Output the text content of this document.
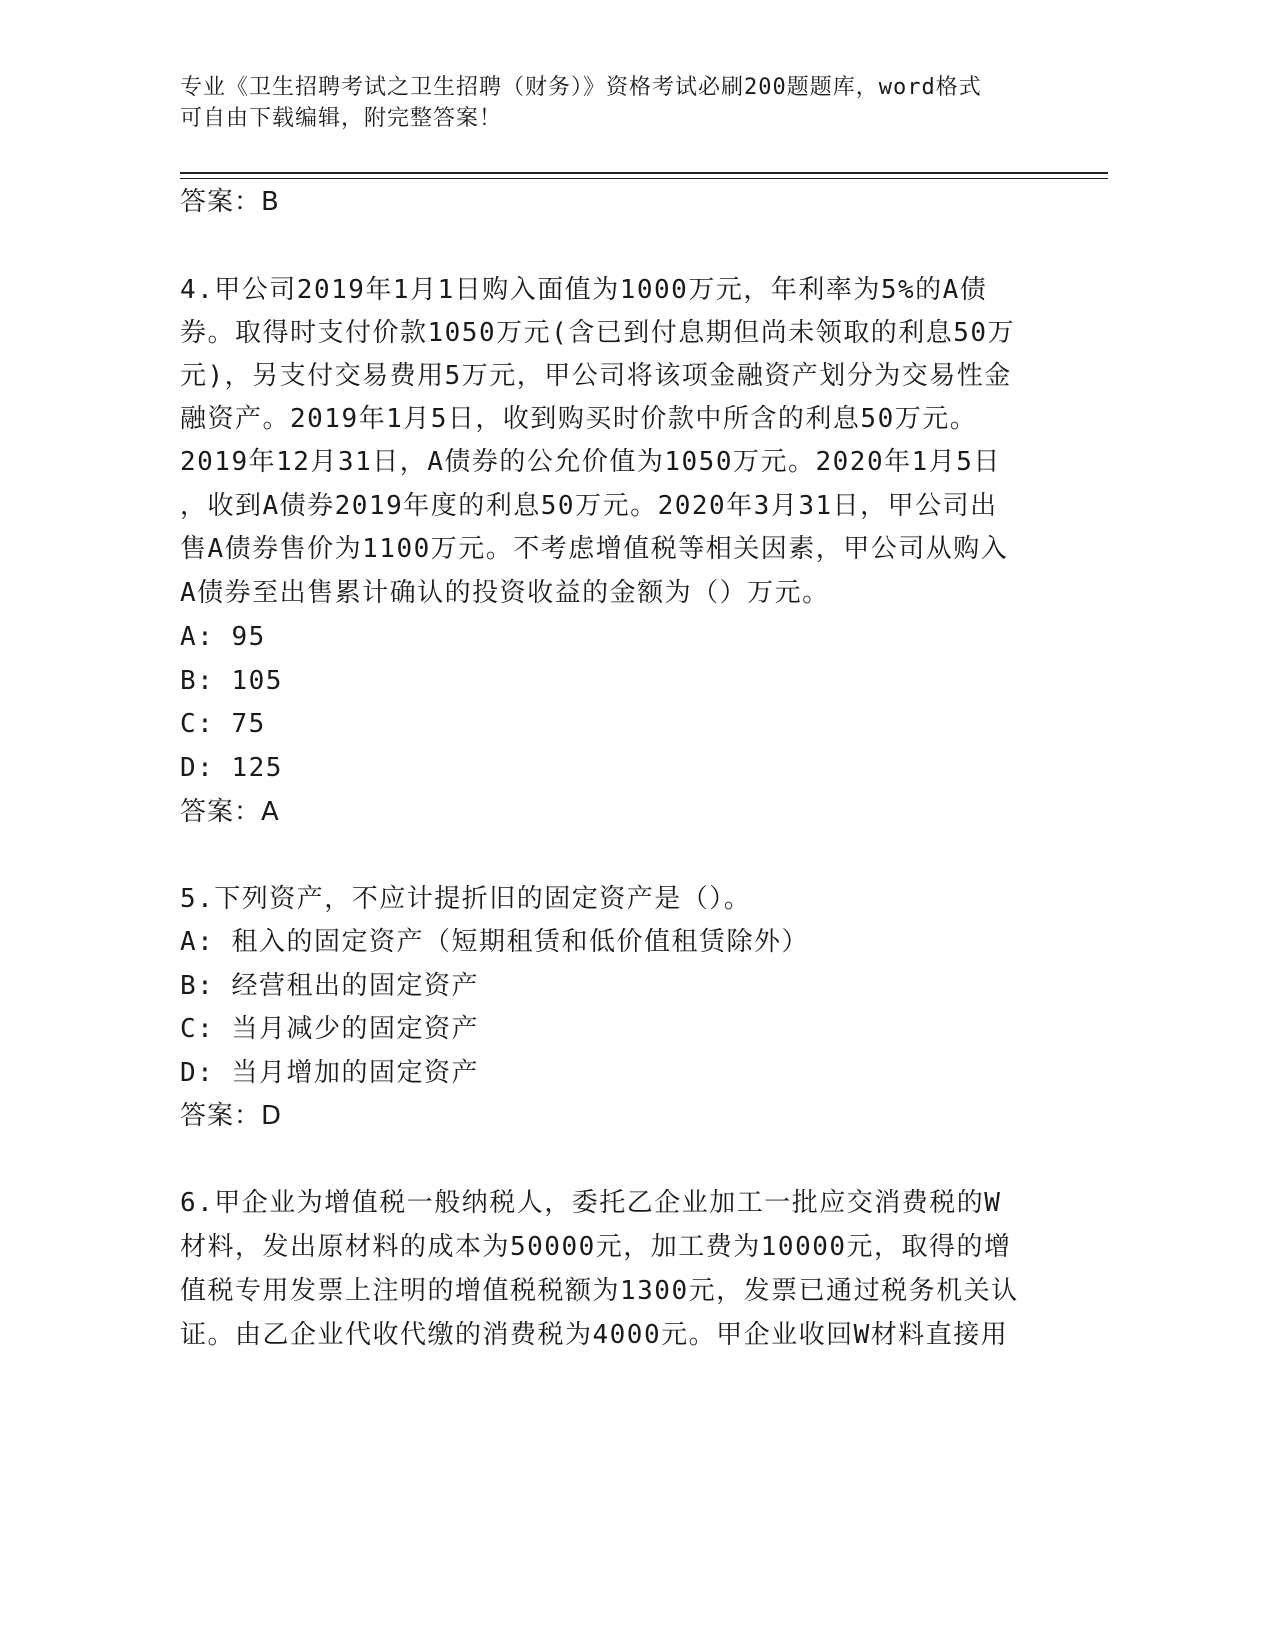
专业《卫生招聘考试之卫生招聘（财务）》资格考试必刷200题题库，word格式
可自由下载编辑，附完整答案！
答案：B
4.甲公司2019年1月1日购入面值为1000万元，年利率为5%的A债
券。取得时支付价款1050万元(含已到付息期但尚未领取的利息50万
元)，另支付交易费用5万元，甲公司将该项金融资产划分为交易性金
融资产。2019年1月5日，收到购买时价款中所含的利息50万元。
2019年12月31日，A债券的公允价值为1050万元。2020年1月5日
，收到A债券2019年度的利息50万元。2020年3月31日，甲公司出
售A债券售价为1100万元。不考虑增值税等相关因素，甲公司从购入
A债券至出售累计确认的投资收益的金额为（）万元。
A: 95
B: 105
C: 75
D: 125
答案：A
5.下列资产，不应计提折旧的固定资产是（）。
A: 租入的固定资产（短期租赁和低价值租赁除外）
B: 经营租出的固定资产
C: 当月减少的固定资产
D: 当月增加的固定资产
答案：D
6.甲企业为增值税一般纳税人，委托乙企业加工一批应交消费税的W
材料，发出原材料的成本为50000元，加工费为10000元，取得的增
值税专用发票上注明的增值税税额为1300元，发票已通过税务机关认
证。由乙企业代收代缴的消费税为4000元。甲企业收回W材料直接用
